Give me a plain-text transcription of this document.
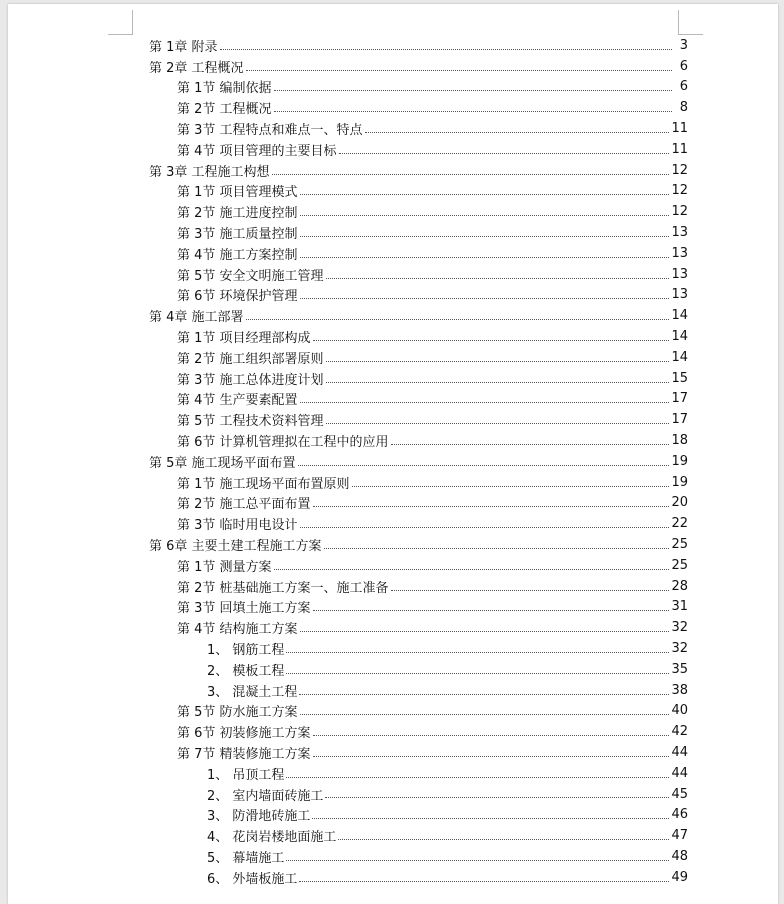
第 1章 附录	3
第 2章 工程概况	6
第 1节 编制依据	6
第 2节 工程概况	8
第 3节 工程特点和难点一、特点	11
第 4节 项目管理的主要目标	11
第 3章 工程施工构想	12
第 1节 项目管理模式	12
第 2节 施工进度控制	12
第 3节 施工质量控制	13
第 4节 施工方案控制	13
第 5节 安全文明施工管理	13
第 6节 环境保护管理	13
第 4章 施工部署	14
第 1节 项目经理部构成	14
第 2节 施工组织部署原则	14
第 3节 施工总体进度计划	15
第 4节 生产要素配置	17
第 5节 工程技术资料管理	17
第 6节 计算机管理拟在工程中的应用	18
第 5章 施工现场平面布置	19
第 1节 施工现场平面布置原则	19
第 2节 施工总平面布置	20
第 3节 临时用电设计	22
第 6章 主要土建工程施工方案	25
第 1节 测量方案	25
第 2节 桩基础施工方案一、施工准备	28
第 3节 回填土施工方案	31
第 4节 结构施工方案	32
1、 钢筋工程	32
2、 模板工程	35
3、 混凝土工程	38
第 5节 防水施工方案	40
第 6节 初装修施工方案	42
第 7节 精装修施工方案	44
1、 吊顶工程	44
2、 室内墙面砖施工	45
3、 防滑地砖施工	46
4、 花岗岩楼地面施工	47
5、 幕墙施工	48
6、 外墙板施工	49
